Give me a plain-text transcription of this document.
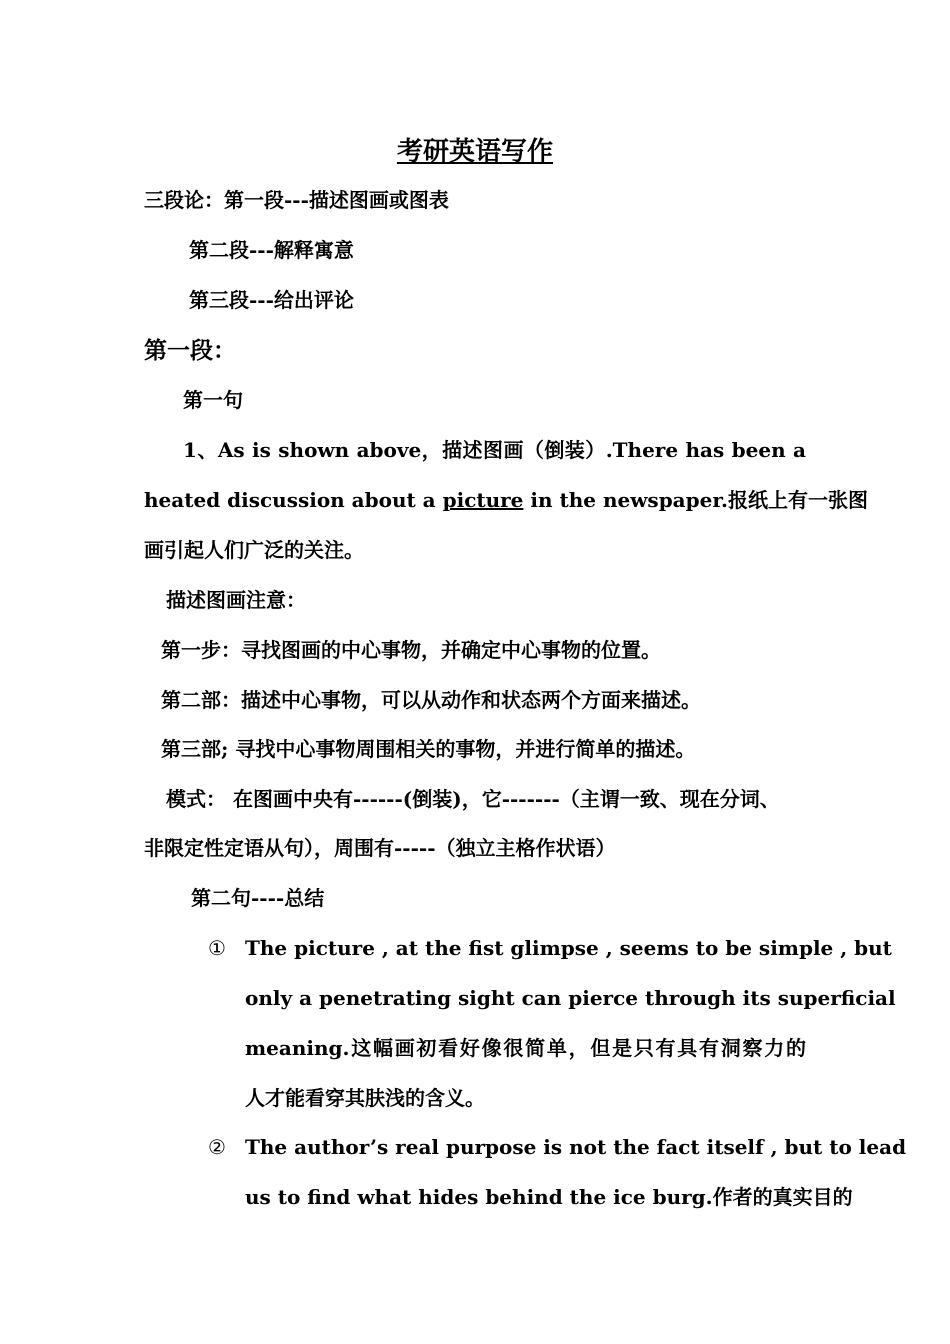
考研英语写作
三段论：第一段---描述图画或图表
第二段---解释寓意
第三段---给出评论
第一段：
第一句
1、As is shown above，描述图画（倒装）.There has been a
heated discussion about a picture in the newspaper.报纸上有一张图
画引起人们广泛的关注。
描述图画注意：
第一步：寻找图画的中心事物，并确定中心事物的位置。
第二部：描述中心事物，可以从动作和状态两个方面来描述。
第三部; 寻找中心事物周围相关的事物，并进行简单的描述。
模式： 在图画中央有------(倒装)，它-------（主谓一致、现在分词、
非限定性定语从句），周围有-----（独立主格作状语）
第二句----总结
① The picture , at the fist glimpse , seems to be simple , but
only a penetrating sight can pierce through its superficial
meaning.这幅画初看好像很简单，但是只有具有洞察力的
人才能看穿其肤浅的含义。
② The author’s real purpose is not the fact itself , but to lead
us to find what hides behind the ice burg.作者的真实目的
